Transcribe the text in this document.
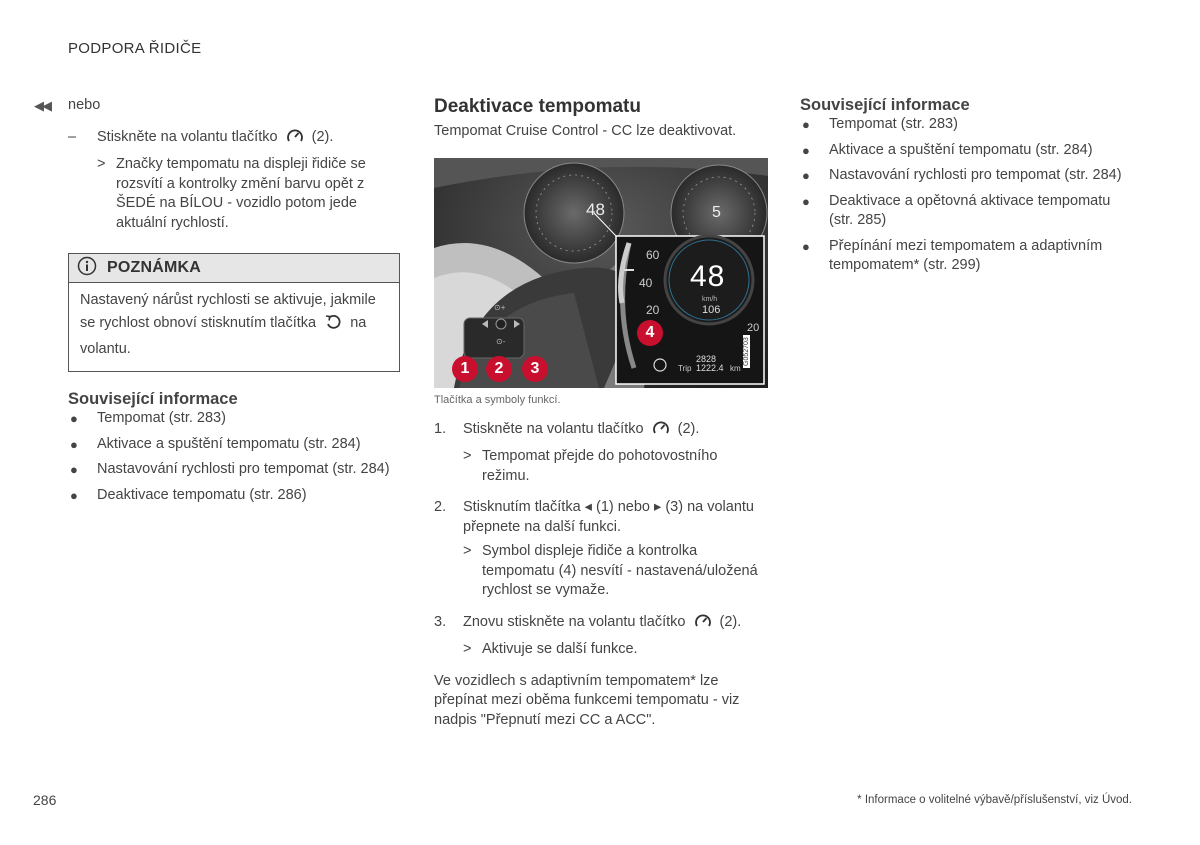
PODPORA ŘIDIČE
◀◀ nebo
– Stiskněte na volantu tlačítko (2).
> Značky tempomatu na displeji řidiče se rozsvítí a kontrolky změní barvu opět z ŠEDÉ na BÍLOU - vozidlo potom jede aktuální rychlostí.
POZNÁMKA
Nastavený nárůst rychlosti se aktivuje, jakmile se rychlost obnoví stisknutím tlačítka na volantu.
Související informace
● Tempomat (str. 283)
● Aktivace a spuštění tempomatu (str. 284)
● Nastavování rychlosti pro tempomat (str. 284)
● Deaktivace tempomatu (str. 286)
Deaktivace tempomatu
Tempomat Cruise Control - CC lze deaktivovat.
⊙+
⊙-
48	5
60
40
20
20
48
km/h
106
2828
Trip 1222.4 km
G052703
1	2	3
4
Tlačítka a symboly funkcí.
1. Stiskněte na volantu tlačítko (2).
> Tempomat přejde do pohotovostního režimu.
2. Stisknutím tlačítka ◂ (1) nebo ▸ (3) na volantu přepnete na další funkci.
> Symbol displeje řidiče a kontrolka tempomatu (4) nesvítí - nastavená/uložená rychlost se vymaže.
3. Znovu stiskněte na volantu tlačítko (2).
> Aktivuje se další funkce.
Ve vozidlech s adaptivním tempomatem* lze přepínat mezi oběma funkcemi tempomatu - viz nadpis "Přepnutí mezi CC a ACC".
Související informace
● Tempomat (str. 283)
● Aktivace a spuštění tempomatu (str. 284)
● Nastavování rychlosti pro tempomat (str. 284)
● Deaktivace a opětovná aktivace tempomatu (str. 285)
● Přepínání mezi tempomatem a adaptivním tempomatem* (str. 299)
286	* Informace o volitelné výbavě/příslušenství, viz Úvod.
